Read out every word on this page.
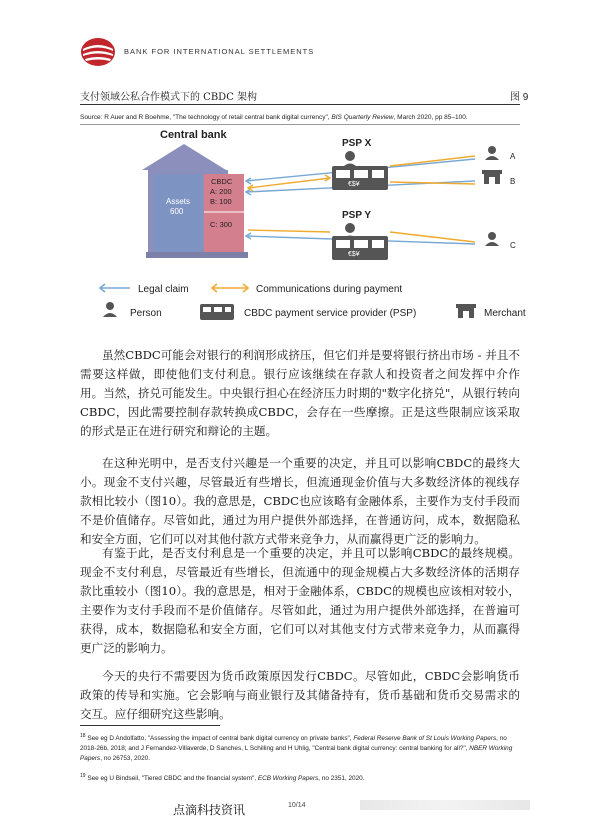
BANK FOR INTERNATIONAL SETTLEMENTS
支付领域公私合作模式下的 CBDC 架构	图 9
Source: R Auer and R Boehme, "The technology of retail central bank digital currency", BIS Quarterly Review, March 2020, pp 85–100.
Central bank
Assets
600
CBDC
A: 200
B: 100
C: 300
PSP X
€$¥
PSP Y
€$¥
A
B
C
Legal claim	Communications during payment
Person	CBDC payment service provider (PSP)	Merchant
虽然CBDC可能会对银行的利润形成挤压，但它们并是要将银行挤出市场 - 并且不需要这样做，即使他们支付利息。银行应该继续在存款人和投资者之间发挥中介作用。当然，挤兑可能发生。中央银行担心在经济压力时期的"数字化挤兑"，从银行转向CBDC，因此需要控制存款转换成CBDC，会存在一些摩擦。正是这些限制应该采取的形式是正在进行研究和辩论的主题。
在这种光明中，是否支付兴趣是一个重要的决定，并且可以影响CBDC的最终大小。现金不支付兴趣，尽管最近有些增长，但流通现金价值与大多数经济体的视线存款相比较小（图10）。我的意思是，CBDC也应该略有金融体系，主要作为支付手段而不是价值储存。尽管如此，通过为用户提供外部选择，在普通访问，成本，数据隐私和安全方面，它们可以对其他付款方式带来竞争力，从而赢得更广泛的影响力。
有鉴于此，是否支付利息是一个重要的决定，并且可以影响CBDC的最终规模。现金不支付利息，尽管最近有些增长，但流通中的现金规模占大多数经济体的活期存款比重较小（图10）。我的意思是，相对于金融体系，CBDC的规模也应该相对较小，主要作为支付手段而不是价值储存。尽管如此，通过为用户提供外部选择，在普遍可获得，成本，数据隐私和安全方面，它们可以对其他支付方式带来竞争力，从而赢得更广泛的影响力。
今天的央行不需要因为货币政策原因发行CBDC。尽管如此，CBDC会影响货币政策的传导和实施。它会影响与商业银行及其储备持有，货币基础和货币交易需求的交互。应仔细研究这些影响。
$^{18}$ See eg D Andolfatto, "Assessing the impact of central bank digital currency on private banks", Federal Reserve Bank of St Louis Working Papers, no 2018-26b, 2018; and J Fernandez-Villaverde, D Sanches, L Schilling and H Uhlig, "Central bank digital currency: central banking for all?", NBER Working Papers, no 26753, 2020.
$^{19}$ See eg U Bindseil, "Tiered CBDC and the financial system", ECB Working Papers, no 2351, 2020.
点滴科技资讯	10/14
